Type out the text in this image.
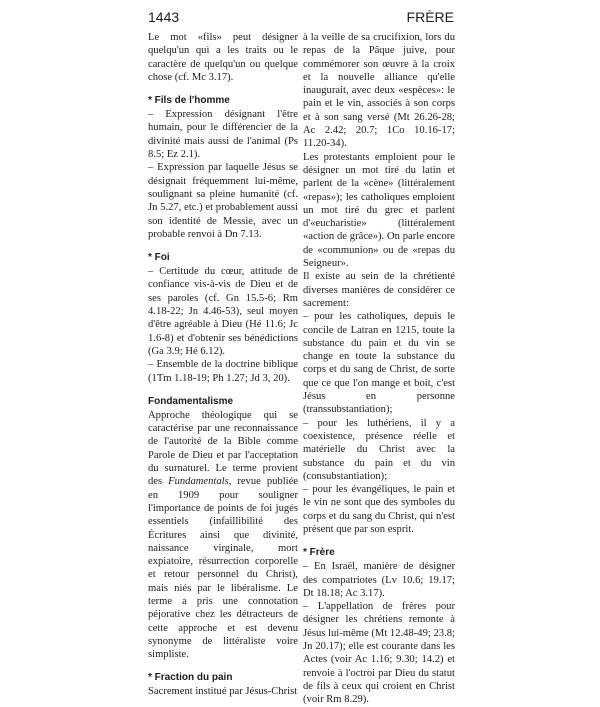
1443	FRÈRE

Le mot «fils» peut désigner quelqu'un qui a les traits ou le caractère de quelqu'un ou quelque chose (cf. Mc 3.17).

* Fils de l'homme

– Expression désignant l'être humain, pour le différencier de la divinité mais aussi de l'animal (Ps 8.5; Ez 2.1).

– Expression par laquelle Jésus se désignait fréquemment lui-même, soulignant sa pleine humanité (cf. Jn 5.27, etc.) et probablement aussi son identité de Messie, avec un probable renvoi à Dn 7.13.

* Foi

– Certitude du cœur, attitude de confiance vis-à-vis de Dieu et de ses paroles (cf. Gn 15.5-6; Rm 4.18-22; Jn 4.46-53), seul moyen d'être agréable à Dieu (Hé 11.6; Jc 1.6-8) et d'obtenir ses bénédictions (Ga 3.9; Hé 6.12).

– Ensemble de la doctrine biblique (1Tm 1.18-19; Ph 1.27; Jd 3, 20).

Fondamentalisme

Approche théologique qui se caractérise par une reconnaissance de l'autorité de la Bible comme Parole de Dieu et par l'acceptation du surnaturel. Le terme provient des Fundamentals, revue publiée en 1909 pour souligner l'importance de points de foi jugés essentiels (infaillibilité des Écritures ainsi que divinité, naissance virginale, mort expiatoire, résurrection corporelle et retour personnel du Christ), mais niés par le libéralisme. Le terme a pris une connotation péjorative chez les détracteurs de cette approche et est devenu synonyme de littéraliste voire simpliste.

* Fraction du pain

Sacrement institué par Jésus-Christ

à la veille de sa crucifixion, lors du repas de la Pâque juive, pour commémorer son œuvre à la croix et la nouvelle alliance qu'elle inaugurait, avec deux «espèces»: le pain et le vin, associés à son corps et à son sang versé (Mt 26.26-28; Ac 2.42; 20.7; 1Co 10.16-17; 11.20-34).

Les protestants emploient pour le désigner un mot tiré du latin et parlent de la «cène» (littéralement «repas»); les catholiques emploient un mot tiré du grec et parlent d'«eucharistie» (littéralement «action de grâce»). On parle encore de «communion» ou de «repas du Seigneur».

Il existe au sein de la chrétienté diverses manières de considérer ce sacrement:

– pour les catholiques, depuis le concile de Latran en 1215, toute la substance du pain et du vin se change en toute la substance du corps et du sang de Christ, de sorte que ce que l'on mange et boit, c'est Jésus en personne (transsubstantiation);

– pour les luthériens, il y a coexistence, présence réelle et matérielle du Christ avec la substance du pain et du vin (consubstantiation);

– pour les évangéliques, le pain et le vin ne sont que des symboles du corps et du sang du Christ, qui n'est présent que par son esprit.

* Frère

– En Israël, manière de désigner des compatriotes (Lv 10.6; 19.17; Dt 18.18; Ac 3.17).

– L'appellation de frères pour désigner les chrétiens remonte à Jésus lui-même (Mt 12.48-49; 23.8; Jn 20.17); elle est courante dans les Actes (voir Ac 1.16; 9.30; 14.2) et renvoie à l'octroi par Dieu du statut de fils à ceux qui croient en Christ (voir Rm 8.29).
